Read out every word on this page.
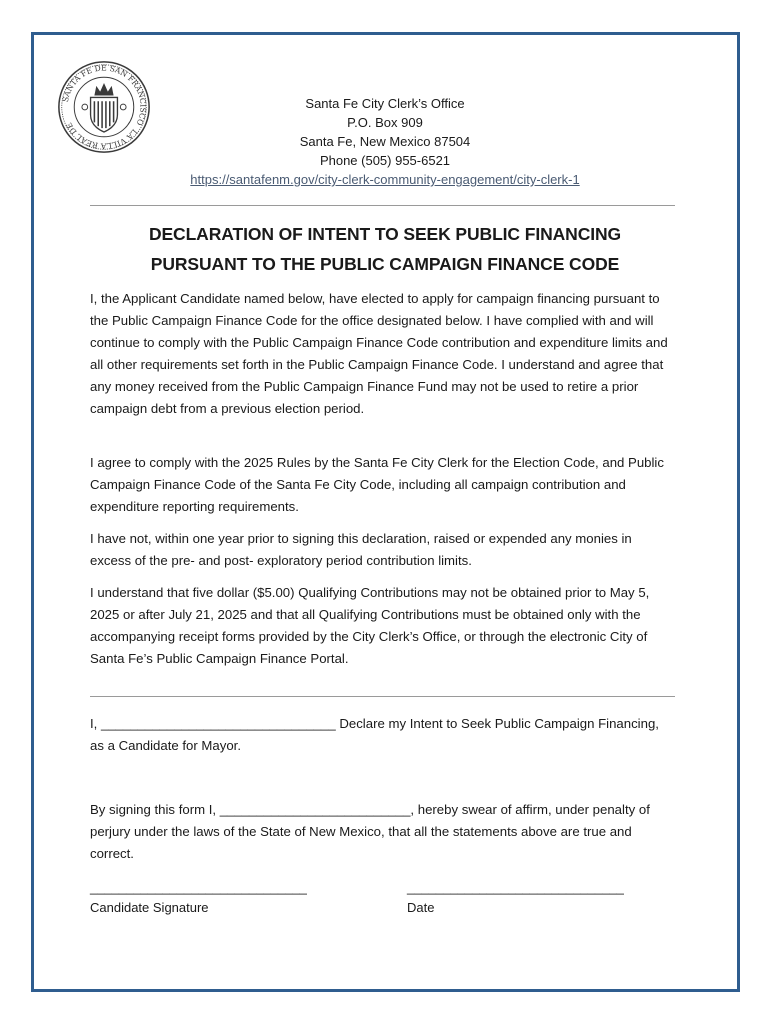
SANTA FE DE SAN FRANCISCO
LA VILLA REAL DE
Santa Fe City Clerk’s Office
P.O. Box 909
Santa Fe, New Mexico 87504
Phone (505) 955-6521
https://santafenm.gov/city-clerk-community-engagement/city-clerk-1
DECLARATION OF INTENT TO SEEK PUBLIC FINANCING
PURSUANT TO THE PUBLIC CAMPAIGN FINANCE CODE

I, the Applicant Candidate named below, have elected to apply for campaign financing pursuant to the Public Campaign Finance Code for the office designated below. I have complied with and will continue to comply with the Public Campaign Finance Code contribution and expenditure limits and all other requirements set forth in the Public Campaign Finance Code. I understand and agree that any money received from the Public Campaign Finance Fund may not be used to retire a prior campaign debt from a previous election period.

I agree to comply with the 2025 Rules by the Santa Fe City Clerk for the Election Code, and Public Campaign Finance Code of the Santa Fe City Code, including all campaign contribution and expenditure reporting requirements.

I have not, within one year prior to signing this declaration, raised or expended any monies in excess of the pre- and post- exploratory period contribution limits.

I understand that five dollar ($5.00) Qualifying Contributions may not be obtained prior to May 5, 2025 or after July 21, 2025 and that all Qualifying Contributions must be obtained only with the accompanying receipt forms provided by the City Clerk’s Office, or through the electronic City of Santa Fe’s Public Campaign Finance Portal.

I, ________________________________ Declare my Intent to Seek Public Campaign Financing, as a Candidate for Mayor.

By signing this form I, __________________________, hereby swear of affirm, under penalty of perjury under the laws of the State of New Mexico, that all the statements above are true and correct.

______________________________
Candidate Signature
______________________________
Date
